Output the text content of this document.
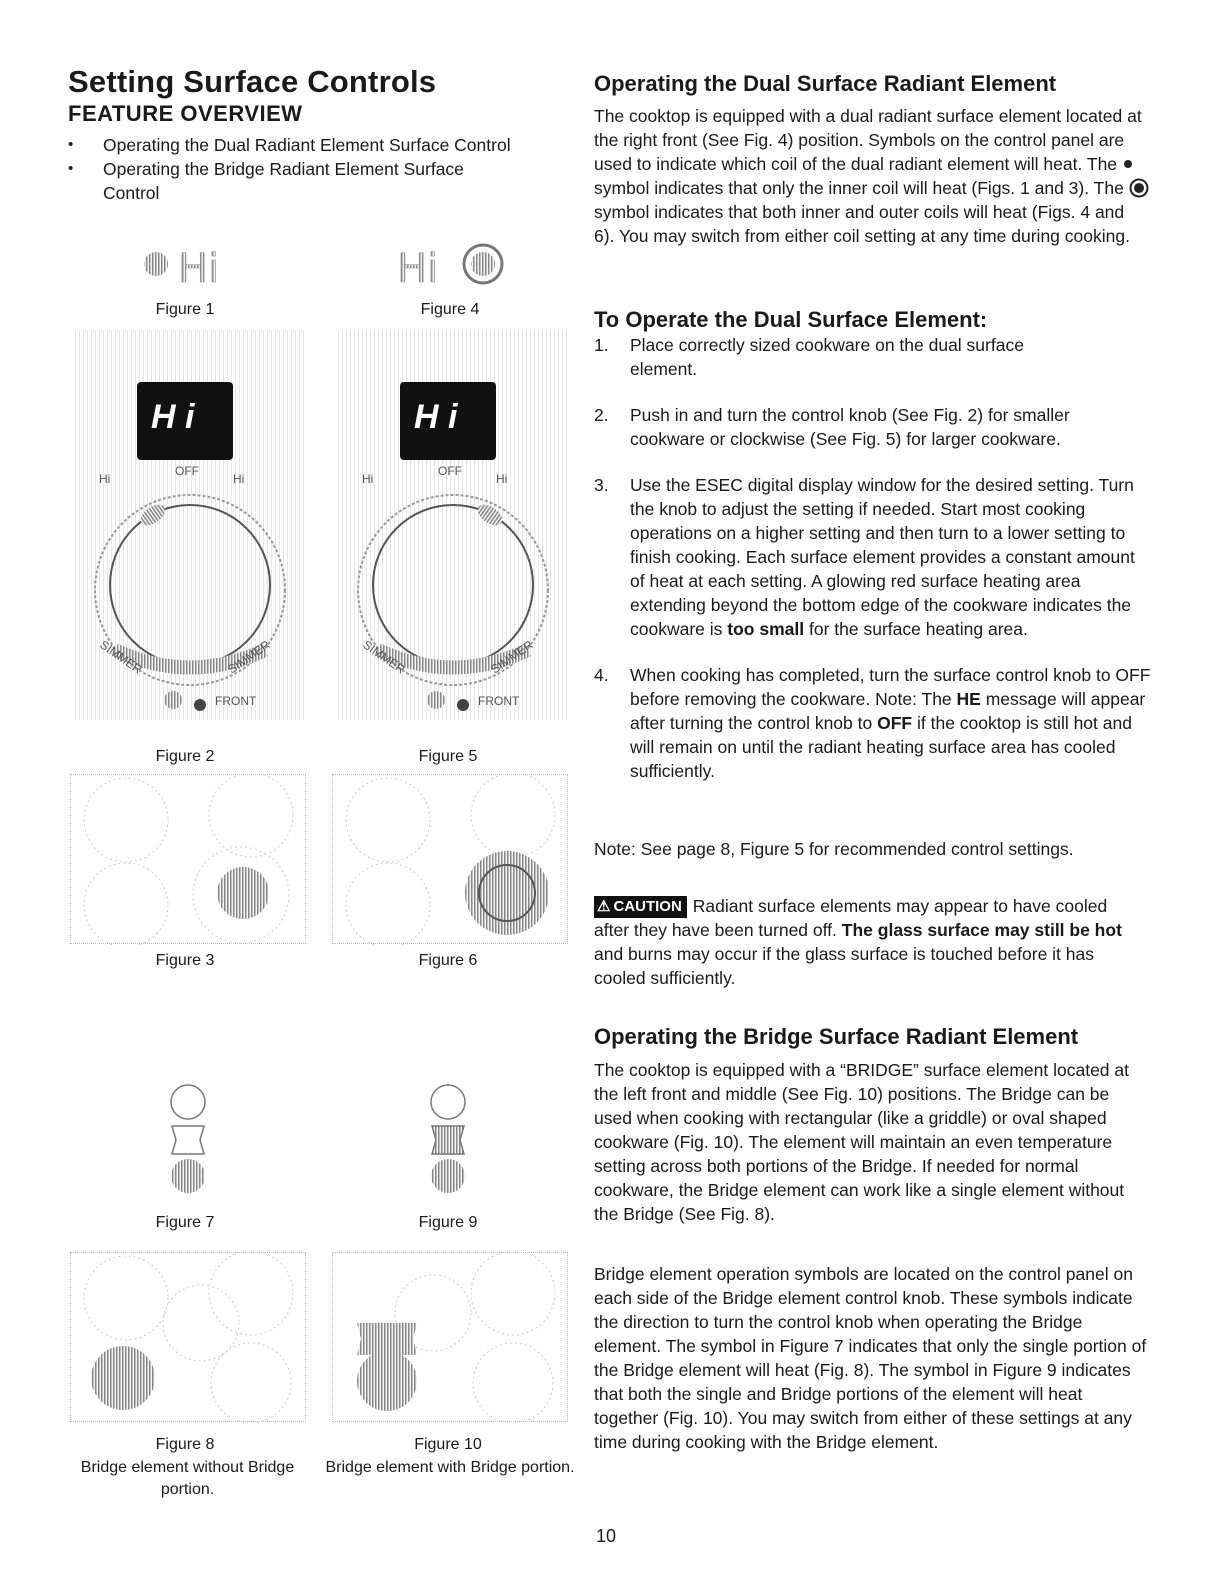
Setting Surface Controls
FEATURE OVERVIEW
• Operating the Dual Radiant Element Surface Control
• Operating the Bridge Radiant Element Surface Control
Hi
Figure 1
Hi
Figure 4
H i
Hi
OFF
Hi
SIMMER	SIMMER
FRONT
Figure 2
H i
Hi
OFF
Hi
SIMMER	SIMMER
FRONT
Figure 5
Figure 3	Figure 6
Figure 7	Figure 9
Figure 8
Bridge element without Bridge portion.
Figure 10
Bridge element with Bridge portion.
Operating the Dual Surface Radiant Element
The cooktop is equipped with a dual radiant surface element located at the right front (See Fig. 4) position. Symbols on the control panel are used to indicate which coil of the dual radiant element will heat. The  symbol indicates that only the inner coil will heat (Figs. 1 and 3). The  symbol indicates that both inner and outer coils will heat (Figs. 4 and 6). You may switch from either coil setting at any time during cooking.
To Operate the Dual Surface Element:
1. Place correctly sized cookware on the dual surface element.
2. Push in and turn the control knob (See Fig. 2) for smaller cookware or clockwise (See Fig. 5) for larger cookware.
3. Use the ESEC digital display window for the desired setting. Turn the knob to adjust the setting if needed. Start most cooking operations on a higher setting and then turn to a lower setting to finish cooking. Each surface element provides a constant amount of heat at each setting. A glowing red surface heating area extending beyond the bottom edge of the cookware indicates the cookware is too small for the surface heating area.
4. When cooking has completed, turn the surface control knob to OFF before removing the cookware. Note: The HE message will appear after turning the control knob to OFF if the cooktop is still hot and will remain on until the radiant heating surface area has cooled sufficiently.
Note: See page 8, Figure 5 for recommended control settings.
⚠ CAUTION Radiant surface elements may appear to have cooled after they have been turned off. The glass surface may still be hot and burns may occur if the glass surface is touched before it has cooled sufficiently.
Operating the Bridge Surface Radiant Element
The cooktop is equipped with a “BRIDGE” surface element located at the left front and middle (See Fig. 10) positions. The Bridge can be used when cooking with rectangular (like a griddle) or oval shaped cookware (Fig. 10). The element will maintain an even temperature setting across both portions of the Bridge. If needed for normal cookware, the Bridge element can work like a single element without the Bridge (See Fig. 8).
Bridge element operation symbols are located on the control panel on each side of the Bridge element control knob. These symbols indicate the direction to turn the control knob when operating the Bridge element. The symbol in Figure 7 indicates that only the single portion of the Bridge element will heat (Fig. 8). The symbol in Figure 9 indicates that both the single and Bridge portions of the element will heat together (Fig. 10). You may switch from either of these settings at any time during cooking with the Bridge element.
10
